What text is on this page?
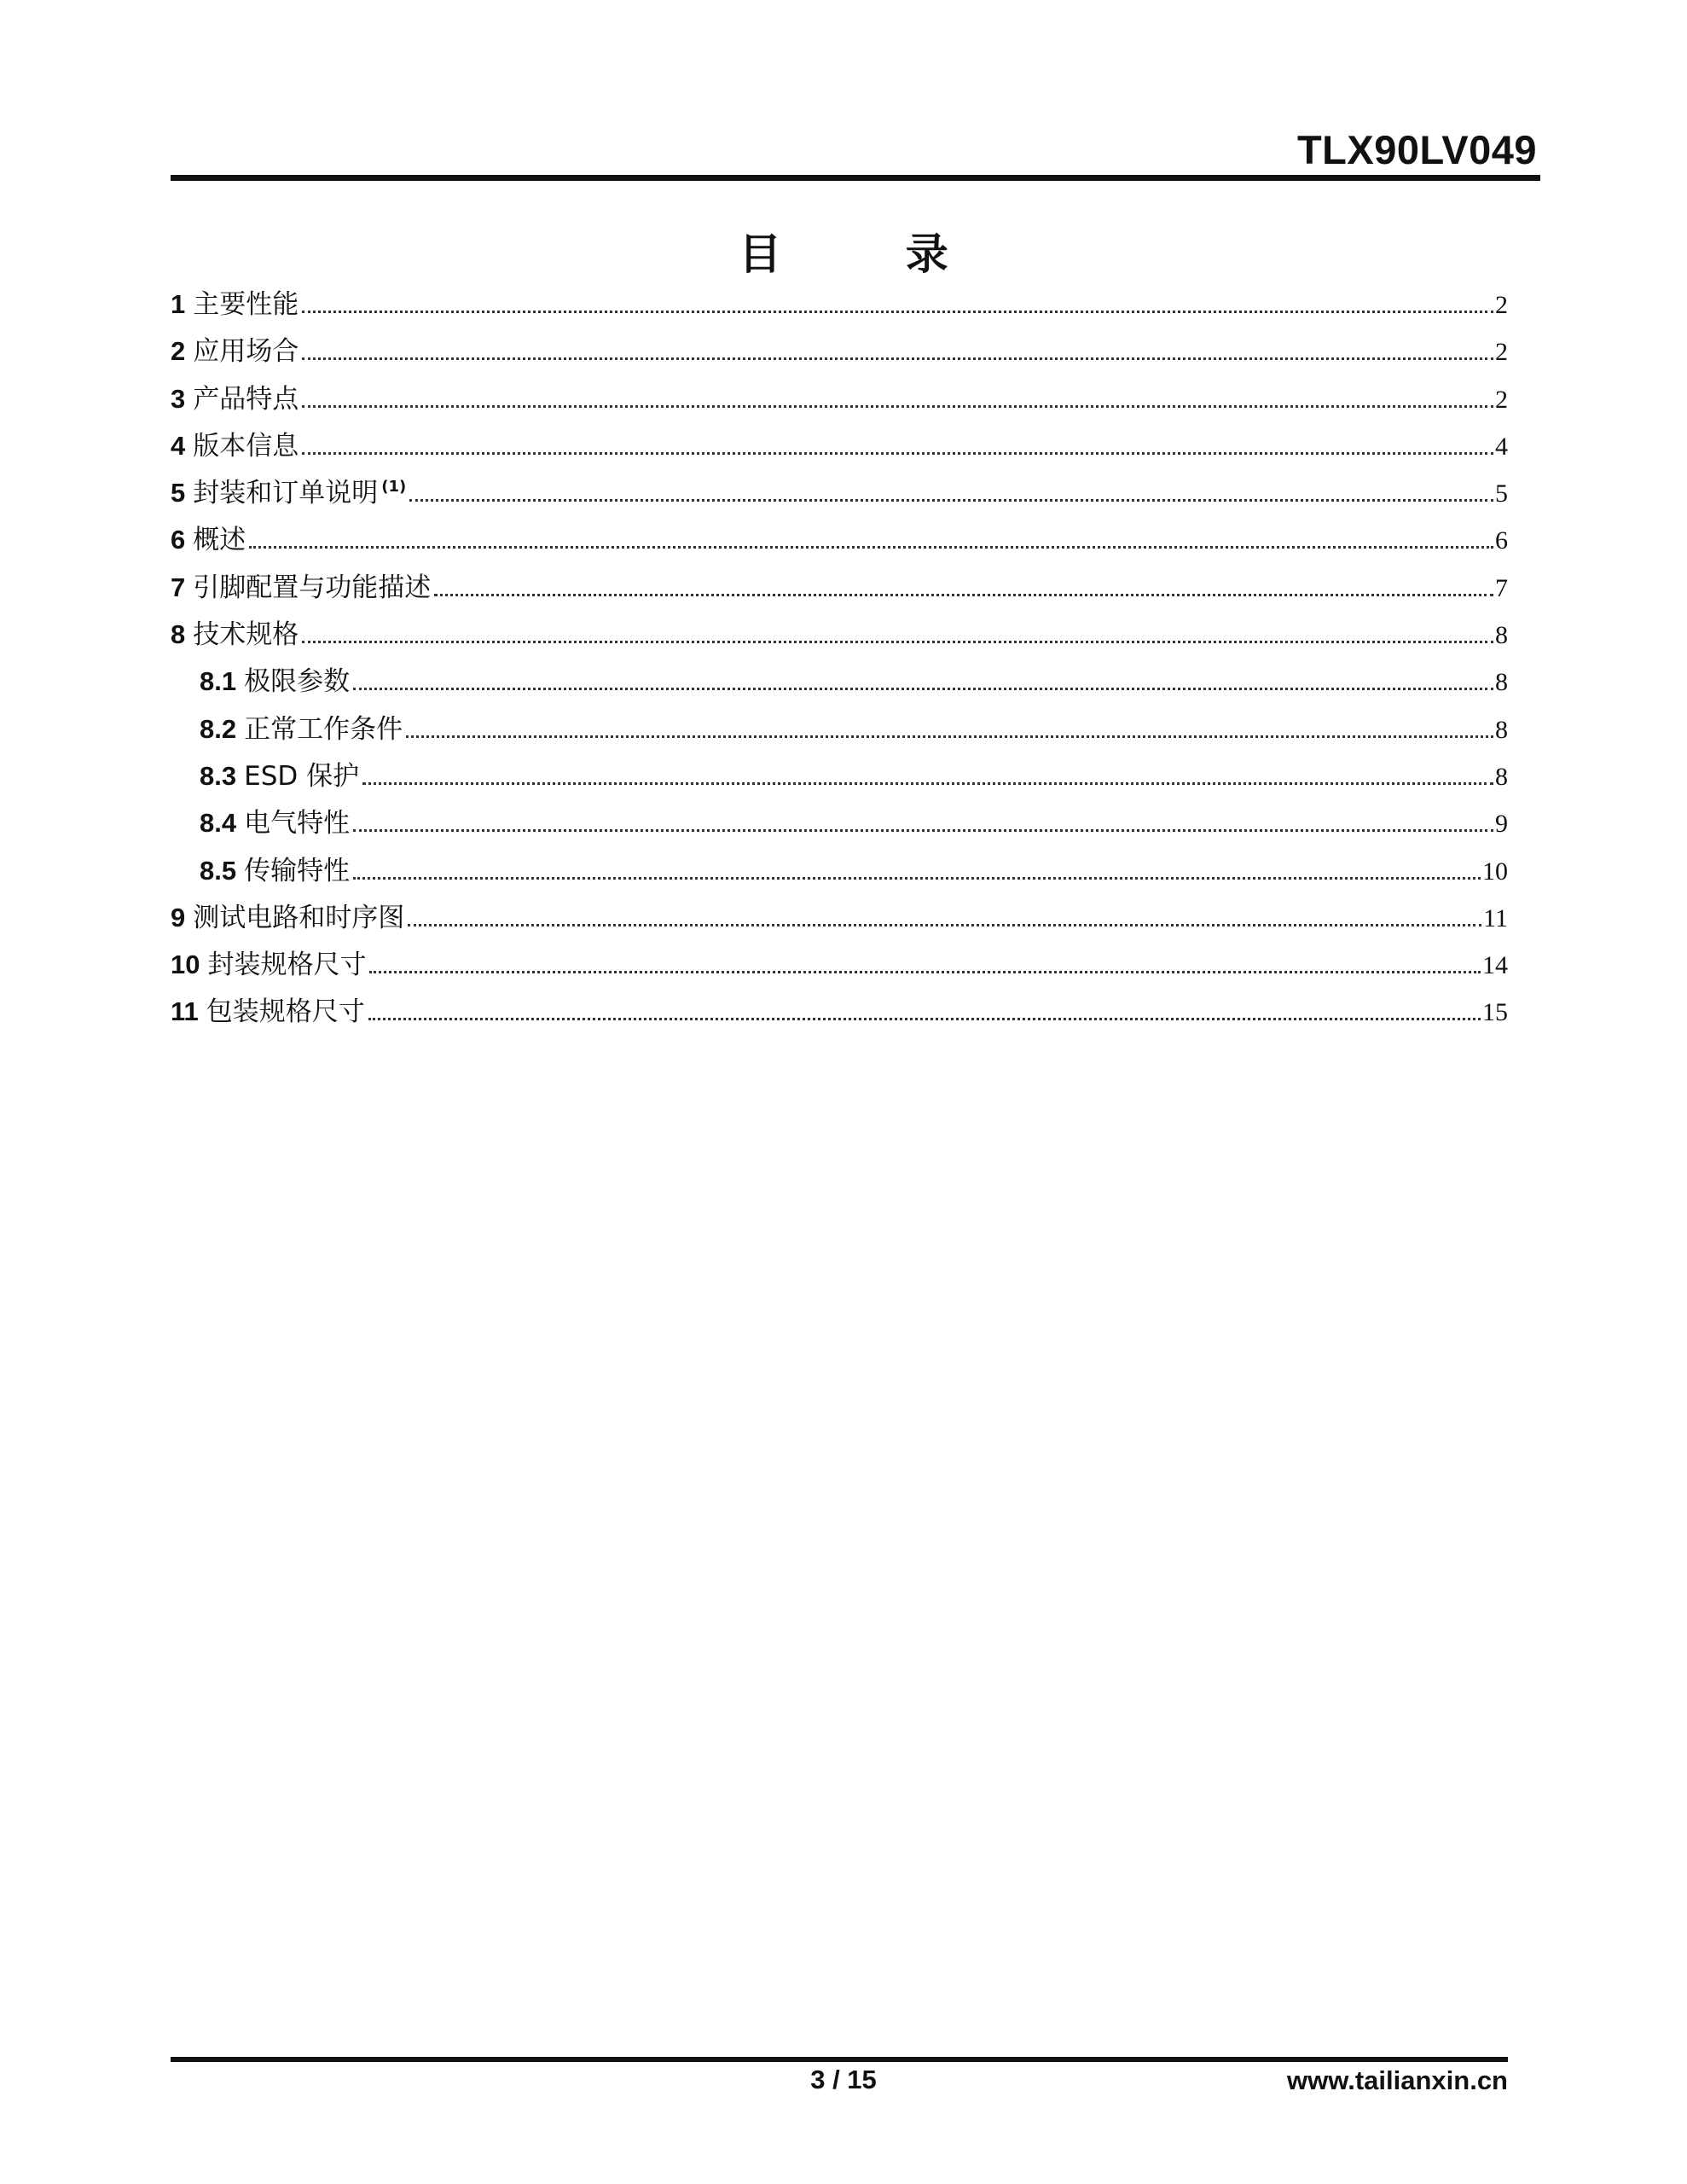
TLX90LV049
目 录
1 主要性能	2
2 应用场合	2
3 产品特点	2
4 版本信息	4
5 封装和订单说明 $^{(1)}$	5
6 概述	6
7 引脚配置与功能描述	7
8 技术规格	8
8.1 极限参数	8
8.2 正常工作条件	8
8.3 ESD 保护	8
8.4 电气特性	9
8.5 传输特性	10
9 测试电路和时序图	11
10 封装规格尺寸	14
11 包装规格尺寸	15
3 / 15	www.tailianxin.cn
